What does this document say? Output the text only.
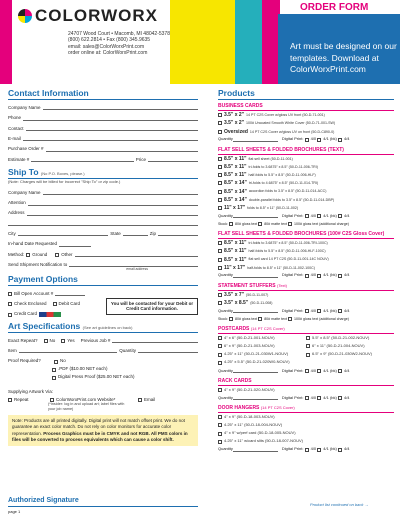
COLORWORX
24707 Wood Court • Macomb, MI 48042-5378
(800) 622.2814 • Fax (800) 345.9635
email: sales@ColorWorxPrint.com
order online at: ColorWorxPrint.com
ORDER FORM
Art must be designed on our templates. Download at ColorWorxPrint.com
Contact Information
Company Name
Phone
Contact
E-mail
Purchase Order #
Estimate #	Price
Ship To (No P.O. Boxes, please.)
(Note: Charges will be billed for incorrect "Ship To" or zip code.)
Company Name
Attention
Address
City	State	Zip
In-hand Date Requested
Method: Ground	Other
Send Shipment Notification to
email address
Payment Options
Bill Open Account #
Check Enclosed	Debit Card
Credit Card
You will be contacted for your Debit or Credit Card information.
Art Specifications (See art guidelines on back)
Exact Repeat?	No	Yes Previous Job #
Item	Quantity
Proof Required?	No
.PDF ($10.00 NET each)
Digital Press Proof ($25.00 NET each)
Supplying Artwork Via:
Repeat	ColorWorxPrint.com Website*	Email
(*Insider: log in and upload art; label files with your job name)
Note: Products are all printed digitally. Digital print will not match offset print. We do not guarantee an exact color match. Do not rely on color monitors for accurate color representation. Process Graphics must be in CMYK and not RGB. All PMS colors in files will be converted to process equivalents which can cause a color shift.
Authorized Signature
page 1
Product list continued on back →
Products
BUSINESS CARDS
3.5" x 2" 14 PT C2S Cover w/gloss UV front (50-D-71-001)
3.5" x 2" 100# Uncoated Smooth White Cover (50-D-71-001-SW)
Oversized 14 PT C2S Cover w/gloss UV on front (50-D-C890-0)
Quantity	Digital Print:
4/0
4/1 (bk)
4/4
FLAT SELL SHEETS & FOLDED BROCHURES (TEXT)
8.5" x 11" flat sell sheet (50-D-11-001)
8.5" x 11" tri-folds to 3.6875" x 8.5" (50-D-11-006-TRI)
8.5" x 11" half-folds to 5.5" x 8.5" (50-D-11-006-HLF)
8.5" x 14" tri-folds to 4.6875" x 8.5" (50-D-11-014-TRI)
8.5" x 14" accordion folds to 3.5" x 8.5" (50-D-11-014-ACC)
8.5" x 14" double-parallel folds to 3.5" x 8.5" (50-D-11-014-DBP)
11" x 17" folds to 8.5" x 11" (50-D-11-002)
Quantity	Digital Print:
4/0
4/1 (bk)
4/4
Stock:
80# gloss text
80# matte text
100# gloss text (additional charge)
FLAT SELL SHEETS & FOLDED BROCHURES (100# C2S Gloss Cover)
8.5" x 11" tri-folds to 3.6875" x 8.5" (50-D-11-006-TRI-100C)
8.5" x 11" half-folds to 5.5" x 8.5" (50-D-11-006-HLF-100C)
8.5" x 11" flat sell card 14 PT C2S (50-D-11-001-14C NOUV)
11" x 17" half-folds to 8.5" x 11" (50-D-11-002-100C)
Quantity	Digital Print:
4/0
4/1 (bk)
4/4
STATEMENT STUFFERS (Text)
3.5" x 7" (50-D-11-007)
3.5" x 8.5" (50-D-11-008)
Quantity	Digital Print:
4/0
4/1 (bk)
4/4
Stock:
80# gloss text
80# matte text
100# gloss text (additional charge)
POSTCARDS (14 PT C2S Cover)
4" x 6" (50-D-21-001-NOUV)	5.5" x 8.5" (50-D-21-002-NOUV)
6" x 9" (50-D-21-003-NOUV)	6" x 11" (50-D-21-004-NOUV)
4.25" x 11" (50-D-21-030W1-NOUV)	6.5" x 9" (50-D-21-030W2-NOUV)
4.25" x 5.5" (50-D-21-020W0-NOUV)
Quantity	Digital Print:
4/0
4/1 (bk)
4/4
RACK CARDS
4" x 9" (50-D-21-020-NOUV)
Quantity	Digital Print:
4/0
4/1 (bk)
4/4
DOOR HANGERS (14 PT C2S Cover)
4" x 9" (50-D-18-003-NOUV)
4.25" x 11" (50-D-18-004-NOUV)
4" x 9" w/perf card (50-D-18-005-NOUV)
4.25" x 11" w/card slits (50-D-18-007-NOUV)
Quantity	Digital Print:
4/0
4/1 (bk)
4/4
